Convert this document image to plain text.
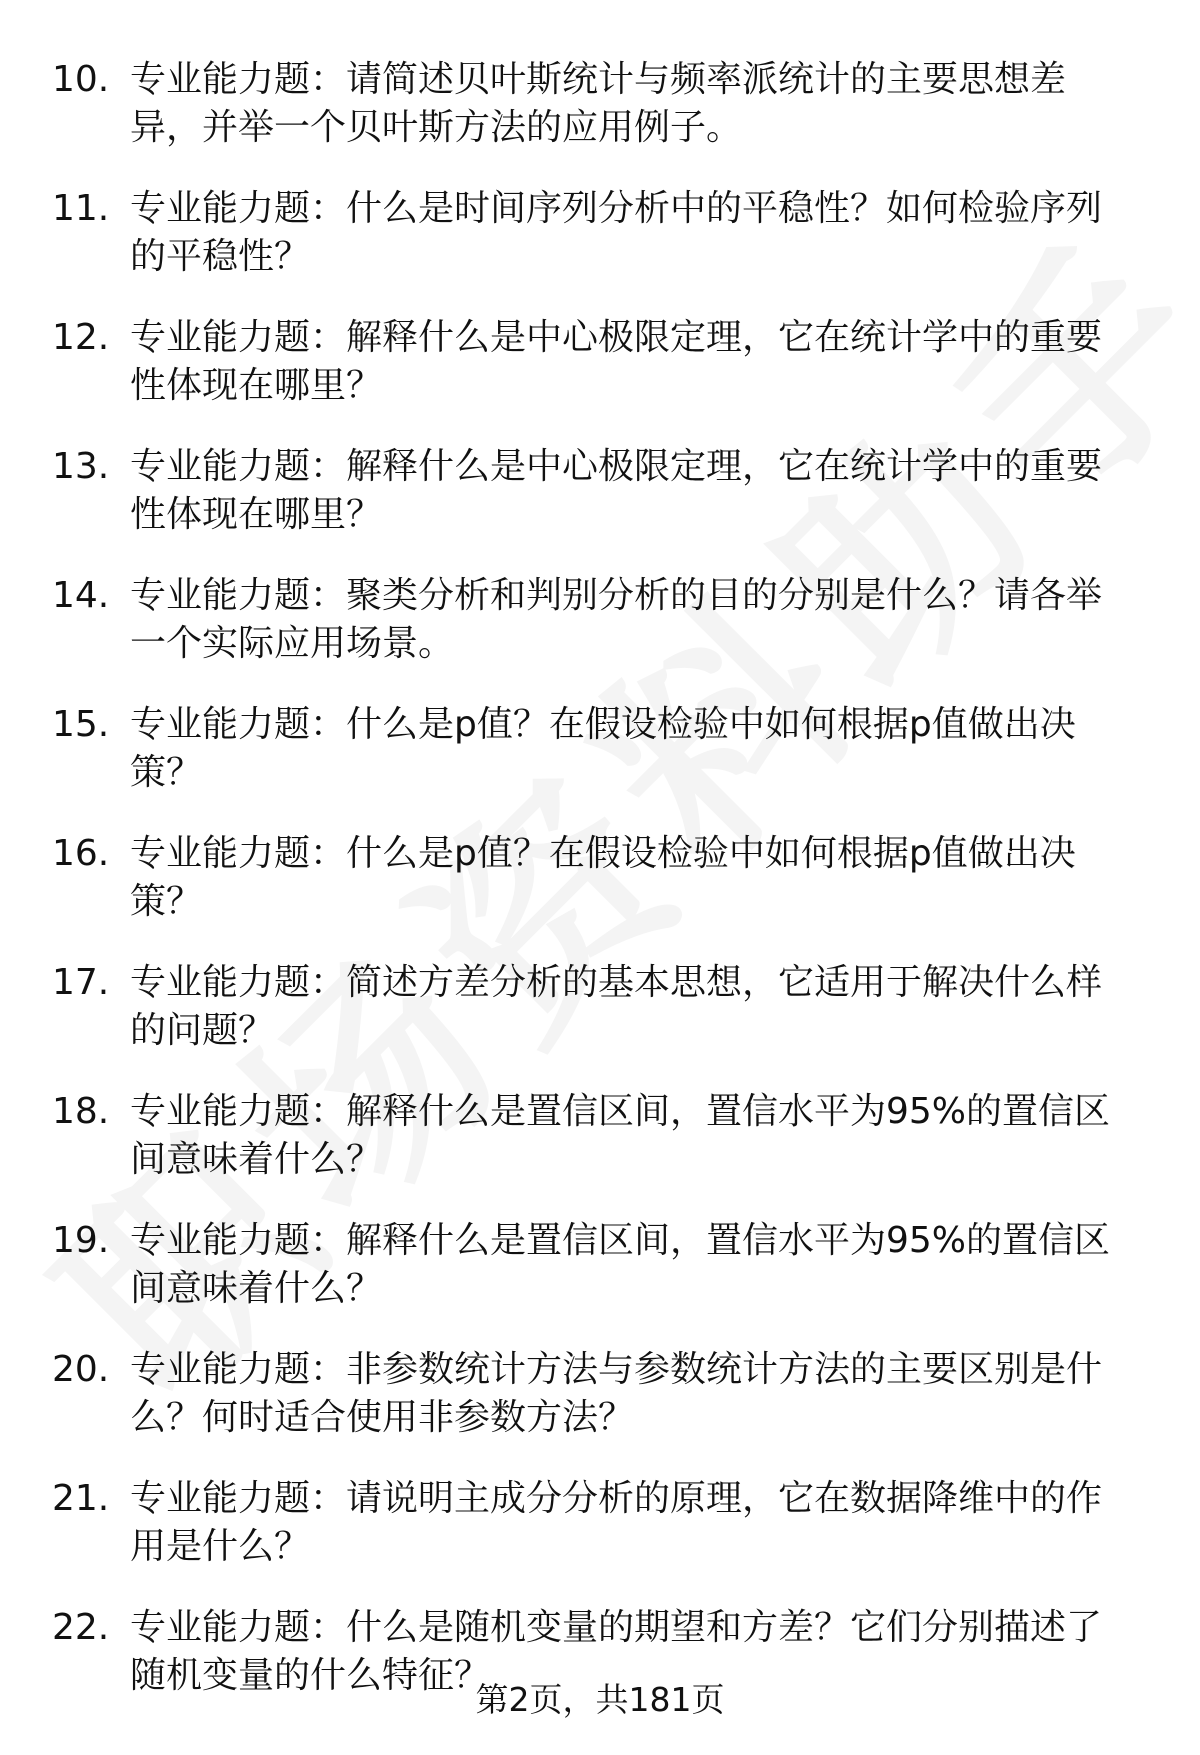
10. 专业能力题：请简述贝叶斯统计与频率派统计的主要思想差异，并举一个贝叶斯方法的应用例子。
11. 专业能力题：什么是时间序列分析中的平稳性？如何检验序列的平稳性？
12. 专业能力题：解释什么是中心极限定理，它在统计学中的重要性体现在哪里？
13. 专业能力题：解释什么是中心极限定理，它在统计学中的重要性体现在哪里？
14. 专业能力题：聚类分析和判别分析的目的分别是什么？请各举一个实际应用场景。
15. 专业能力题：什么是p值？在假设检验中如何根据p值做出决策？
16. 专业能力题：什么是p值？在假设检验中如何根据p值做出决策？
17. 专业能力题：简述方差分析的基本思想，它适用于解决什么样的问题？
18. 专业能力题：解释什么是置信区间，置信水平为95%的置信区间意味着什么？
19. 专业能力题：解释什么是置信区间，置信水平为95%的置信区间意味着什么？
20. 专业能力题：非参数统计方法与参数统计方法的主要区别是什么？何时适合使用非参数方法？
21. 专业能力题：请说明主成分分析的原理，它在数据降维中的作用是什么？
22. 专业能力题：什么是随机变量的期望和方差？它们分别描述了随机变量的什么特征？
第2页，共181页
